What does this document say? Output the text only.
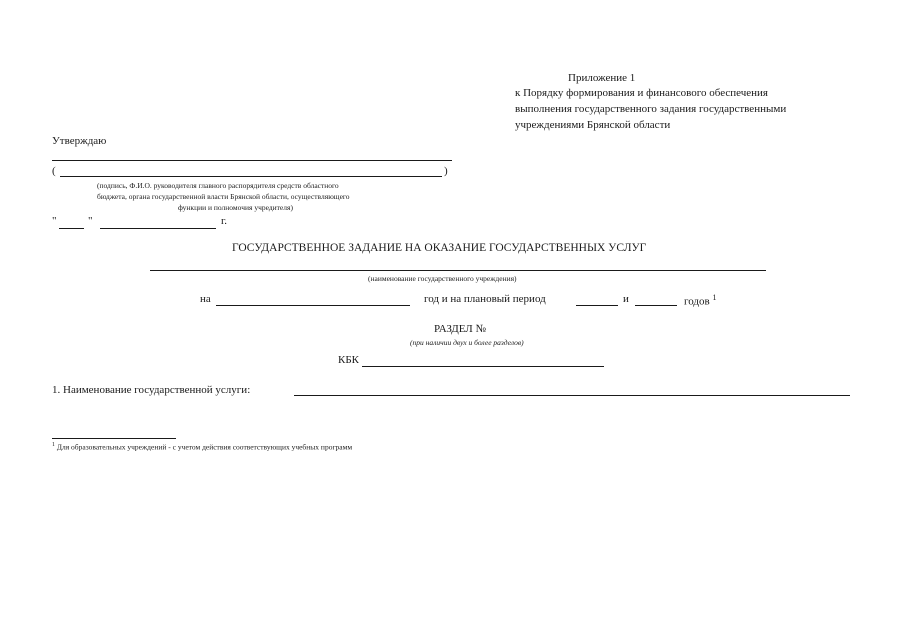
Приложение 1
к Порядку формирования и финансового обеспечения
выполнения государственного задания государственными
учреждениями Брянской области
Утверждаю
(	)
(подпись, Ф.И.О. руководителя главного распорядителя средств областного
бюджета, органа государственной власти Брянской области, осуществляющего
функции и полномочия учредителя)
"	"	г.
ГОСУДАРСТВЕННОЕ ЗАДАНИЕ НА ОКАЗАНИЕ ГОСУДАРСТВЕННЫХ УСЛУГ
(наименование государственного учреждения)
на	год и на плановый период	и	годов $^1$
РАЗДЕЛ №
(при наличии двух и более разделов)
КБК
1. Наименование государственной услуги:
$^1$ Для образовательных учреждений - с учетом действия соответствующих учебных программ
